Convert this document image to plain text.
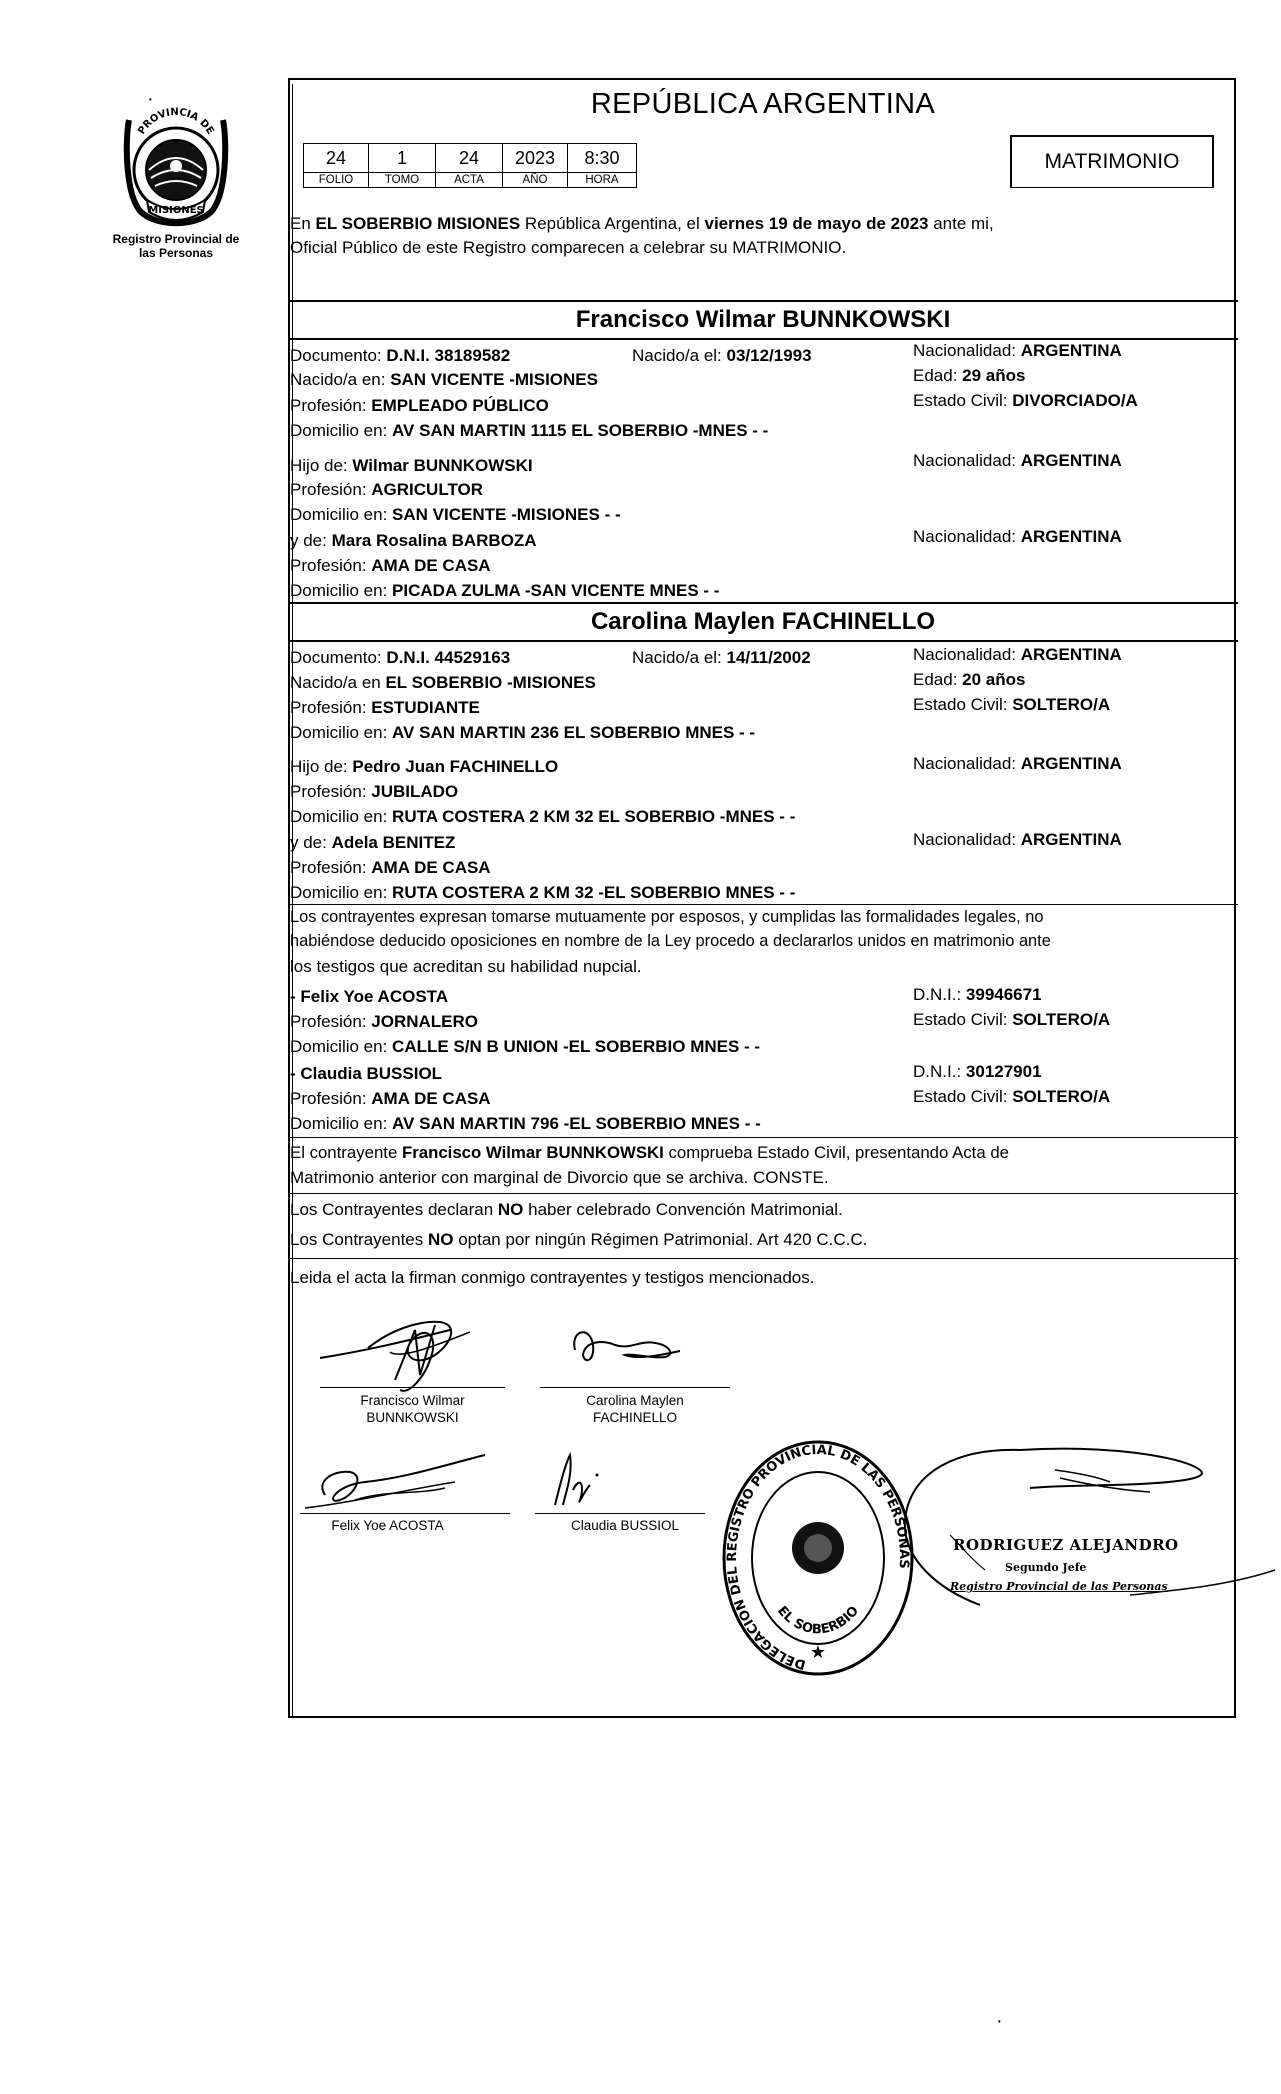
PROVINCIA DE
MISIONES
Registro Provincial de las Personas
REPÚBLICA ARGENTINA
24	1	24	2023	8:30
FOLIO	TOMO	ACTA	AÑO	HORA
MATRIMONIO
En EL SOBERBIO MISIONES República Argentina, el viernes 19 de mayo de 2023 ante mi,
Oficial Público de este Registro comparecen a celebrar su MATRIMONIO.
Francisco Wilmar BUNNKOWSKI
Documento: D.N.I. 38189582	Nacido/a el: 03/12/1993	Nacionalidad: ARGENTINA
Nacido/a en: SAN VICENTE -MISIONES	Edad: 29 años
Profesión: EMPLEADO PÚBLICO	Estado Civil: DIVORCIADO/A
Domicilio en: AV SAN MARTIN 1115 EL SOBERBIO -MNES - -
Hijo de: Wilmar BUNNKOWSKI	Nacionalidad: ARGENTINA
Profesión: AGRICULTOR
Domicilio en: SAN VICENTE -MISIONES - -
y de: Mara Rosalina BARBOZA	Nacionalidad: ARGENTINA
Profesión: AMA DE CASA
Domicilio en: PICADA ZULMA -SAN VICENTE MNES - -
Carolina Maylen FACHINELLO
Documento: D.N.I. 44529163	Nacido/a el: 14/11/2002	Nacionalidad: ARGENTINA
Nacido/a en EL SOBERBIO -MISIONES	Edad: 20 años
Profesión: ESTUDIANTE	Estado Civil: SOLTERO/A
Domicilio en: AV SAN MARTIN 236 EL SOBERBIO MNES - -
Hijo de: Pedro Juan FACHINELLO	Nacionalidad: ARGENTINA
Profesión: JUBILADO
Domicilio en: RUTA COSTERA 2 KM 32 EL SOBERBIO -MNES - -
y de: Adela BENITEZ	Nacionalidad: ARGENTINA
Profesión: AMA DE CASA
Domicilio en: RUTA COSTERA 2 KM 32 -EL SOBERBIO MNES - -
Los contrayentes expresan tomarse mutuamente por esposos, y cumplidas las formalidades legales, no
habiéndose deducido oposiciones en nombre de la Ley procedo a declararlos unidos en matrimonio ante
los testigos que acreditan su habilidad nupcial.
- Felix Yoe ACOSTA	D.N.I.: 39946671
Profesión: JORNALERO	Estado Civil: SOLTERO/A
Domicilio en: CALLE S/N B UNION -EL SOBERBIO MNES - -
- Claudia BUSSIOL	D.N.I.: 30127901
Profesión: AMA DE CASA	Estado Civil: SOLTERO/A
Domicilio en: AV SAN MARTIN 796 -EL SOBERBIO MNES - -
El contrayente Francisco Wilmar BUNNKOWSKI comprueba Estado Civil, presentando Acta de
Matrimonio anterior con marginal de Divorcio que se archiva. CONSTE.
Los Contrayentes declaran NO haber celebrado Convención Matrimonial.
Los Contrayentes NO optan por ningún Régimen Patrimonial. Art 420 C.C.C.
Leida el acta la firman conmigo contrayentes y testigos mencionados.
Francisco Wilmar
BUNNKOWSKI
Carolina Maylen
FACHINELLO
Felix Yoe ACOSTA	Claudia BUSSIOL
DELEGACION DEL REGISTRO PROVINCIAL DE LAS PERSONAS
EL SOBERBIO
★
RODRIGUEZ ALEJANDRO
Segundo Jefe
Registro Provincial de las Personas
·
·
